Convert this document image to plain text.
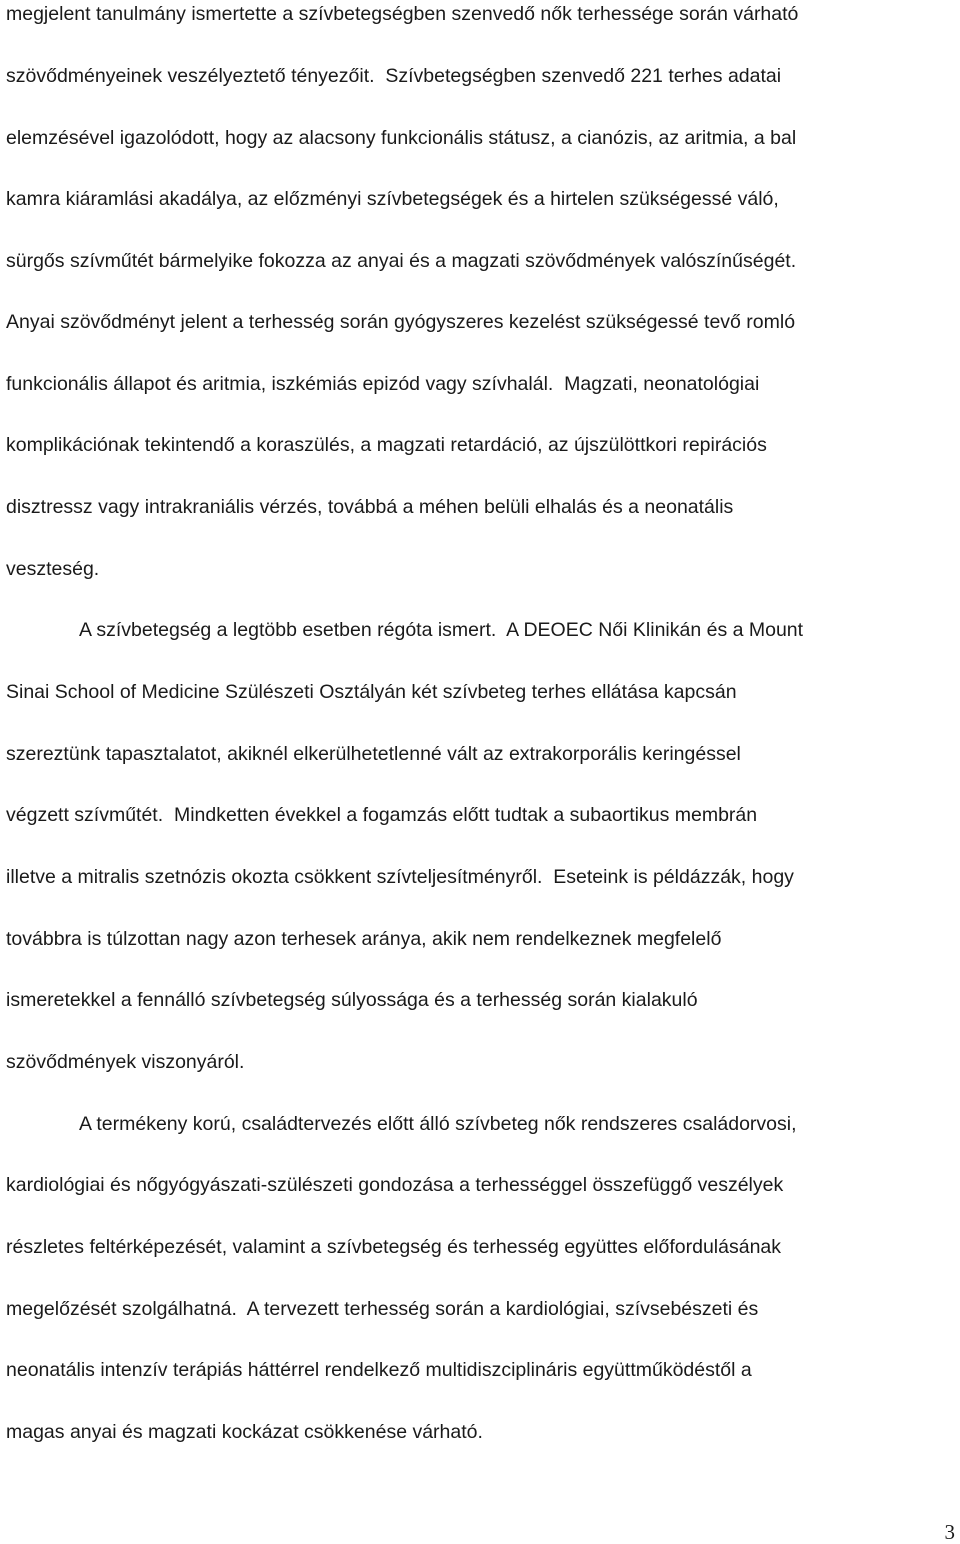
megjelent tanulmány ismertette a szívbetegségben szenvedő nők terhessége során várható
szövődményeinek veszélyeztető tényezőit.  Szívbetegségben szenvedő 221 terhes adatai
elemzésével igazolódott, hogy az alacsony funkcionális státusz, a cianózis, az aritmia, a bal
kamra kiáramlási akadálya, az előzményi szívbetegségek és a hirtelen szükségessé váló,
sürgős szívműtét bármelyike fokozza az anyai és a magzati szövődmények valószínűségét.
Anyai szövődményt jelent a terhesség során gyógyszeres kezelést szükségessé tevő romló
funkcionális állapot és aritmia, iszkémiás epizód vagy szívhalál.  Magzati, neonatológiai
komplikációnak tekintendő a koraszülés, a magzati retardáció, az újszülöttkori repirációs
disztressz vagy intrakraniális vérzés, továbbá a méhen belüli elhalás és a neonatális
veszteség.
A szívbetegség a legtöbb esetben régóta ismert.  A DEOEC Női Klinikán és a Mount
Sinai School of Medicine Szülészeti Osztályán két szívbeteg terhes ellátása kapcsán
szereztünk tapasztalatot, akiknél elkerülhetetlenné vált az extrakorporális keringéssel
végzett szívműtét.  Mindketten évekkel a fogamzás előtt tudtak a subaortikus membrán
illetve a mitralis szetnózis okozta csökkent szívteljesítményről.  Eseteink is példázzák, hogy
továbbra is túlzottan nagy azon terhesek aránya, akik nem rendelkeznek megfelelő
ismeretekkel a fennálló szívbetegség súlyossága és a terhesség során kialakuló
szövődmények viszonyáról.
A termékeny korú, családtervezés előtt álló szívbeteg nők rendszeres családorvosi,
kardiológiai és nőgyógyászati-szülészeti gondozása a terhességgel összefüggő veszélyek
részletes feltérképezését, valamint a szívbetegség és terhesség együttes előfordulásának
megelőzését szolgálhatná.  A tervezett terhesség során a kardiológiai, szívsebészeti és
neonatális intenzív terápiás háttérrel rendelkező multidiszciplináris együttműködéstől a
magas anyai és magzati kockázat csökkenése várható.
3
